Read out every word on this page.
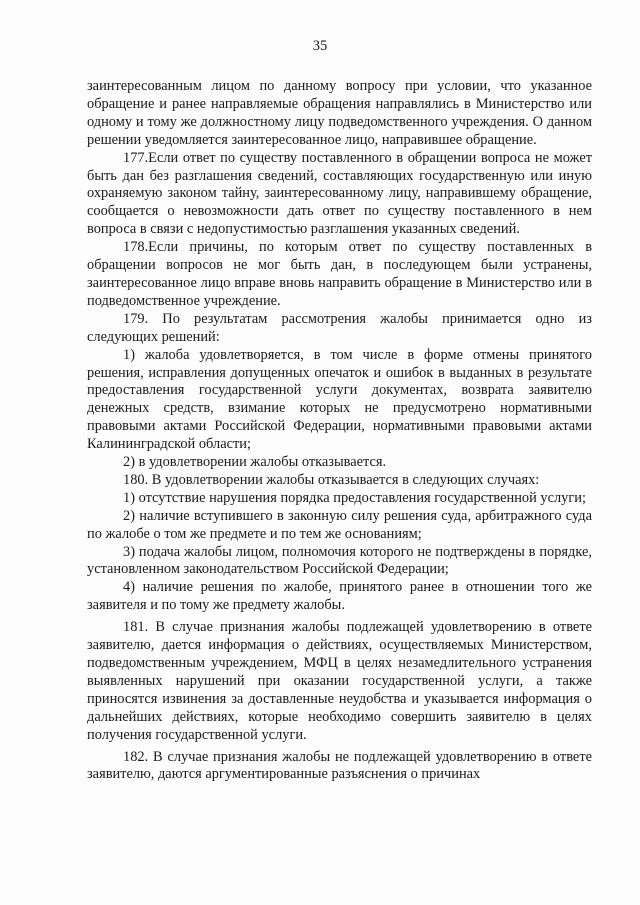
35

заинтересованным лицом по данному вопросу при условии, что указанное обращение и ранее направляемые обращения направлялись в Министерство или одному и тому же должностному лицу подведомственного учреждения. О данном решении уведомляется заинтересованное лицо, направившее обращение.

177.Если ответ по существу поставленного в обращении вопроса не может быть дан без разглашения сведений, составляющих государственную или иную охраняемую законом тайну, заинтересованному лицу, направившему обращение, сообщается о невозможности дать ответ по существу поставленного в нем вопроса в связи с недопустимостью разглашения указанных сведений.

178.Если причины, по которым ответ по существу поставленных в обращении вопросов не мог быть дан, в последующем были устранены, заинтересованное лицо вправе вновь направить обращение в Министерство или в подведомственное учреждение.

179. По результатам рассмотрения жалобы принимается одно из следующих решений:

1) жалоба удовлетворяется, в том числе в форме отмены принятого решения, исправления допущенных опечаток и ошибок в выданных в результате предоставления государственной услуги документах, возврата заявителю денежных средств, взимание которых не предусмотрено нормативными правовыми актами Российской Федерации, нормативными правовыми актами Калининградской области;

2) в удовлетворении жалобы отказывается.

180. В удовлетворении жалобы отказывается в следующих случаях:

1) отсутствие нарушения порядка предоставления государственной услуги;

2) наличие вступившего в законную силу решения суда, арбитражного суда по жалобе о том же предмете и по тем же основаниям;

3) подача жалобы лицом, полномочия которого не подтверждены в порядке, установленном законодательством Российской Федерации;

4) наличие решения по жалобе, принятого ранее в отношении того же заявителя и по тому же предмету жалобы.

181. В случае признания жалобы подлежащей удовлетворению в ответе заявителю, дается информация о действиях, осуществляемых Министерством, подведомственным учреждением, МФЦ в целях незамедлительного устранения выявленных нарушений при оказании государственной услуги, а также приносятся извинения за доставленные неудобства и указывается информация о дальнейших действиях, которые необходимо совершить заявителю в целях получения государственной услуги.

182. В случае признания жалобы не подлежащей удовлетворению в ответе заявителю, даются аргументированные разъяснения о причинах
